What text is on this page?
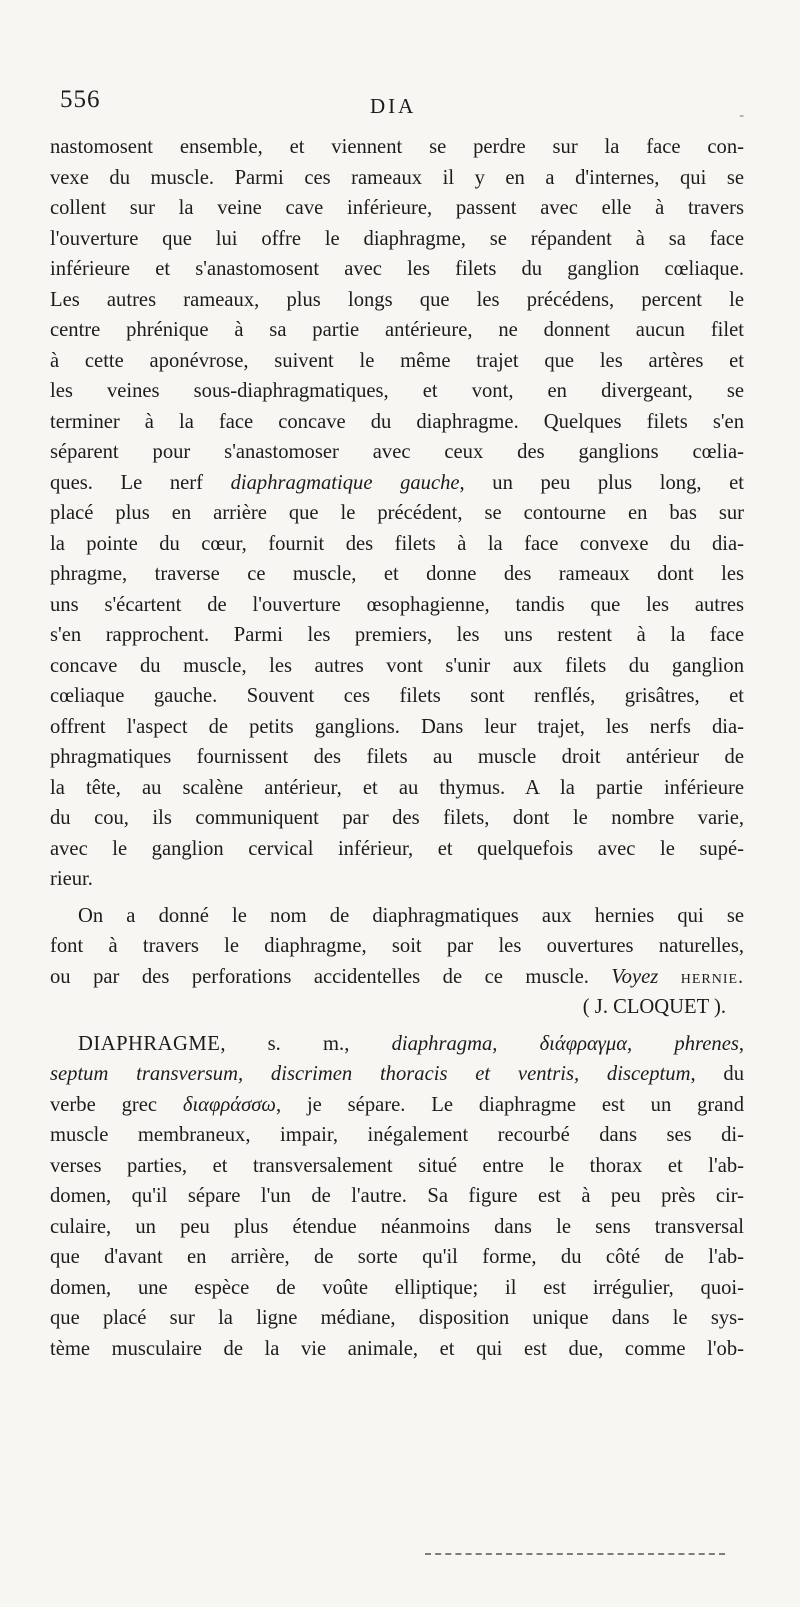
556	DIA	-
nastomosent ensemble, et viennent se perdre sur la face con-
vexe du muscle. Parmi ces rameaux il y en a d'internes, qui se
collent sur la veine cave inférieure, passent avec elle à travers
l'ouverture que lui offre le diaphragme, se répandent à sa face
inférieure et s'anastomosent avec les filets du ganglion cœliaque.
Les autres rameaux, plus longs que les précédens, percent le
centre phrénique à sa partie antérieure, ne donnent aucun filet
à cette aponévrose, suivent le même trajet que les artères et
les veines sous-diaphragmatiques, et vont, en divergeant, se
terminer à la face concave du diaphragme. Quelques filets s'en
séparent pour s'anastomoser avec ceux des ganglions cœlia-
ques. Le nerf diaphragmatique gauche, un peu plus long, et
placé plus en arrière que le précédent, se contourne en bas sur
la pointe du cœur, fournit des filets à la face convexe du dia-
phragme, traverse ce muscle, et donne des rameaux dont les
uns s'écartent de l'ouverture œsophagienne, tandis que les autres
s'en rapprochent. Parmi les premiers, les uns restent à la face
concave du muscle, les autres vont s'unir aux filets du ganglion
cœliaque gauche. Souvent ces filets sont renflés, grisâtres, et
offrent l'aspect de petits ganglions. Dans leur trajet, les nerfs dia-
phragmatiques fournissent des filets au muscle droit antérieur de
la tête, au scalène antérieur, et au thymus. A la partie inférieure
du cou, ils communiquent par des filets, dont le nombre varie,
avec le ganglion cervical inférieur, et quelquefois avec le supé-
rieur.
On a donné le nom de diaphragmatiques aux hernies qui se
font à travers le diaphragme, soit par les ouvertures naturelles,
ou par des perforations accidentelles de ce muscle. Voyez hernie.
( J. CLOQUET ).
DIAPHRAGME, s. m., diaphragma, διάφραγμα, phrenes,
septum transversum, discrimen thoracis et ventris, disceptum, du
verbe grec διαφράσσω, je sépare. Le diaphragme est un grand
muscle membraneux, impair, inégalement recourbé dans ses di-
verses parties, et transversalement situé entre le thorax et l'ab-
domen, qu'il sépare l'un de l'autre. Sa figure est à peu près cir-
culaire, un peu plus étendue néanmoins dans le sens transversal
que d'avant en arrière, de sorte qu'il forme, du côté de l'ab-
domen, une espèce de voûte elliptique; il est irrégulier, quoi-
que placé sur la ligne médiane, disposition unique dans le sys-
tème musculaire de la vie animale, et qui est due, comme l'ob-
